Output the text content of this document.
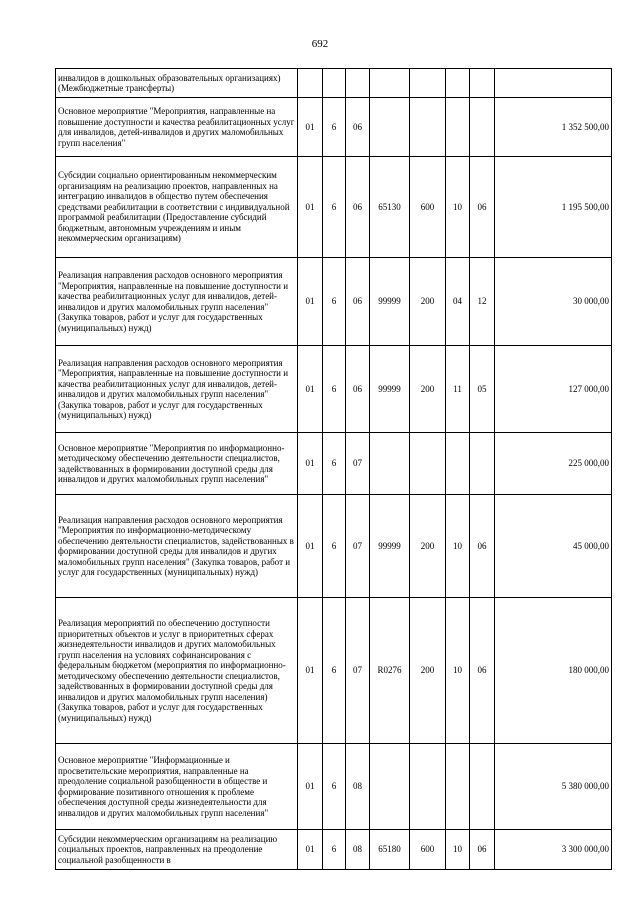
692
инвалидов в дошкольных образовательных организациях) (Межбюджетные трансферты)								
Основное мероприятие "Мероприятия, направленные на повышение доступности и качества реабилитационных услуг для инвалидов, детей-инвалидов и других маломобильных групп населения"	01	6	06					1 352 500,00
Субсидии социально ориентированным некоммерческим организациям на реализацию проектов, направленных на интеграцию инвалидов в общество путем обеспечения средствами реабилитации в соответствии с индивидуальной программой реабилитации (Предоставление субсидий бюджетным, автономным учреждениям и иным некоммерческим организациям)	01	6	06	65130	600	10	06	1 195 500,00
Реализация направления расходов основного мероприятия "Мероприятия, направленные на повышение доступности и качества реабилитационных услуг для инвалидов, детей-инвалидов и других маломобильных групп населения" (Закупка товаров, работ и услуг для государственных (муниципальных) нужд)	01	6	06	99999	200	04	12	30 000,00
Реализация направления расходов основного мероприятия "Мероприятия, направленные на повышение доступности и качества реабилитационных услуг для инвалидов, детей-инвалидов и других маломобильных групп населения" (Закупка товаров, работ и услуг для государственных (муниципальных) нужд)	01	6	06	99999	200	11	05	127 000,00
Основное мероприятие "Мероприятия по информационно-методическому обеспечению деятельности специалистов, задействованных в формировании доступной среды для инвалидов и других маломобильных групп населения"	01	6	07					225 000,00
Реализация направления расходов основного мероприятия "Мероприятия по информационно-методическому обеспечению деятельности специалистов, задействованных в формировании доступной среды для инвалидов и других маломобильных групп населения" (Закупка товаров, работ и услуг для государственных (муниципальных) нужд)	01	6	07	99999	200	10	06	45 000,00
Реализация мероприятий по обеспечению доступности приоритетных объектов и услуг в приоритетных сферах жизнедеятельности инвалидов и других маломобильных групп населения на условиях софинансирования с федеральным бюджетом (мероприятия по информационно-методическому обеспечению деятельности специалистов, задействованных в формировании доступной среды для инвалидов и других маломобильных групп населения) (Закупка товаров, работ и услуг для государственных (муниципальных) нужд)	01	6	07	R0276	200	10	06	180 000,00
Основное мероприятие "Информационные и просветительские мероприятия, направленные на преодоление социальной разобщенности в обществе и формирование позитивного отношения к проблеме обеспечения доступной среды жизнедеятельности для инвалидов и других маломобильных групп населения"	01	6	08					5 380 000,00
Субсидии некоммерческим организациям на реализацию социальных проектов, направленных на преодоление социальной разобщенности в	01	6	08	65180	600	10	06	3 300 000,00
